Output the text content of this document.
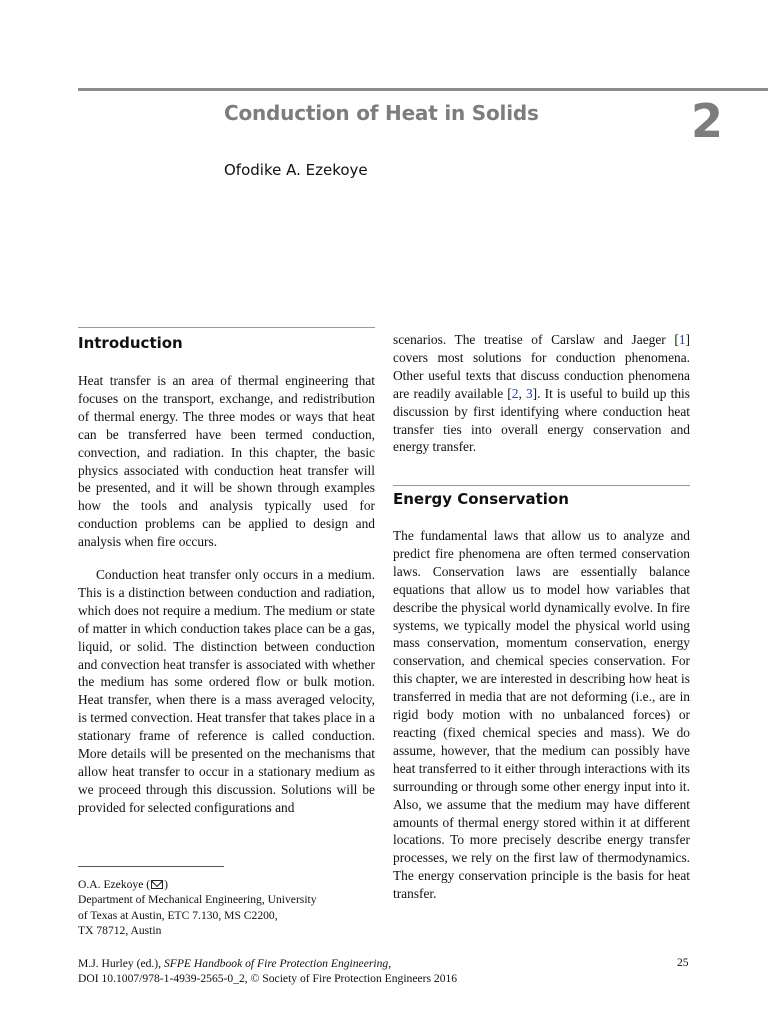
Conduction of Heat in Solids	2
Ofodike A. Ezekoye
Introduction

Heat transfer is an area of thermal engineering that focuses on the transport, exchange, and redistribution of thermal energy. The three modes or ways that heat can be transferred have been termed conduction, convection, and radiation. In this chapter, the basic physics associated with conduction heat transfer will be presented, and it will be shown through examples how the tools and analysis typically used for conduction problems can be applied to design and analysis when fire occurs.

Conduction heat transfer only occurs in a medium. This is a distinction between conduction and radiation, which does not require a medium. The medium or state of matter in which conduction takes place can be a gas, liquid, or solid. The distinction between conduction and convection heat transfer is associated with whether the medium has some ordered flow or bulk motion. Heat transfer, when there is a mass averaged velocity, is termed convection. Heat transfer that takes place in a stationary frame of reference is called conduction. More details will be presented on the mechanisms that allow heat transfer to occur in a stationary medium as we proceed through this discussion. Solutions will be provided for selected configurations and

O.A. Ezekoye ( )
Department of Mechanical Engineering, University
of Texas at Austin, ETC 7.130, MS C2200,
TX 78712, Austin

scenarios. The treatise of Carslaw and Jaeger [1] covers most solutions for conduction phenomena. Other useful texts that discuss conduction phenomena are readily available [2, 3]. It is useful to build up this discussion by first identifying where conduction heat transfer ties into overall energy conservation and energy transfer.

Energy Conservation

The fundamental laws that allow us to analyze and predict fire phenomena are often termed conservation laws. Conservation laws are essentially balance equations that allow us to model how variables that describe the physical world dynamically evolve. In fire systems, we typically model the physical world using mass conservation, momentum conservation, energy conservation, and chemical species conservation. For this chapter, we are interested in describing how heat is transferred in media that are not deforming (i.e., are in rigid body motion with no unbalanced forces) or reacting (fixed chemical species and mass). We do assume, however, that the medium can possibly have heat transferred to it either through interactions with its surrounding or through some other energy input into it. Also, we assume that the medium may have different amounts of thermal energy stored within it at different locations. To more precisely describe energy transfer processes, we rely on the first law of thermodynamics. The energy conservation principle is the basis for heat transfer.

M.J. Hurley (ed.), SFPE Handbook of Fire Protection Engineering,
DOI 10.1007/978-1-4939-2565-0_2, © Society of Fire Protection Engineers 2016
25
